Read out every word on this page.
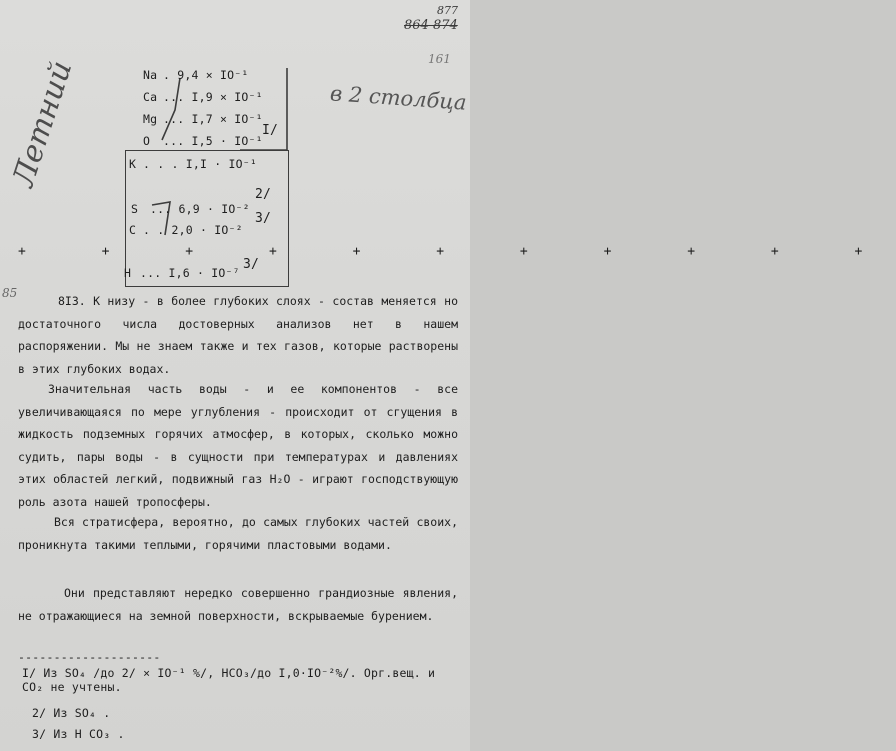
877
864 874
161
в 2 столбца
Летний
85
Na . 9,4 × IO⁻¹
Ca ... I,9 × IO⁻¹
Mg ... I,7 × IO⁻¹
O ... I,5 · IO⁻¹
I/
K . . . I,I · IO⁻¹
S ... 6,9 · IO⁻²
2/
C . . 2,0 · IO⁻²
3/
H ... I,6 · IO⁻⁷
3/
+ + + + + + + + + + +
8I3. К низу - в более глубоких слоях - состав меняется но достаточного числа достоверных анализов нет в нашем распоряжении. Мы не знаем также и тех газов, которые растворены в этих глубоких водах.
Значительная часть воды - и ее компонентов - все увеличивающаяся по мере углубления - происходит от сгущения в жидкость подземных горячих атмосфер, в которых, сколько можно судить, пары воды - в сущности при температурах и давлениях этих областей легкий, подвижный газ H₂O - играют господствующую роль азота нашей тропосферы.
Вся стратисфера, вероятно, до самых глубоких частей своих, проникнута такими теплыми, горячими пластовыми водами.
Они представляют нередко совершенно грандиозные явления, не отражающиеся на земной поверхности, вскрываемые бурением.
--------------------
I/ Из SO₄ /до 2/ × IO⁻¹ %/, HCO₃/до I,0·IO⁻²%/. Орг.вещ. и CO₂ не учтены.
2/ Из SO₄ .
3/ Из H CO₃ .
